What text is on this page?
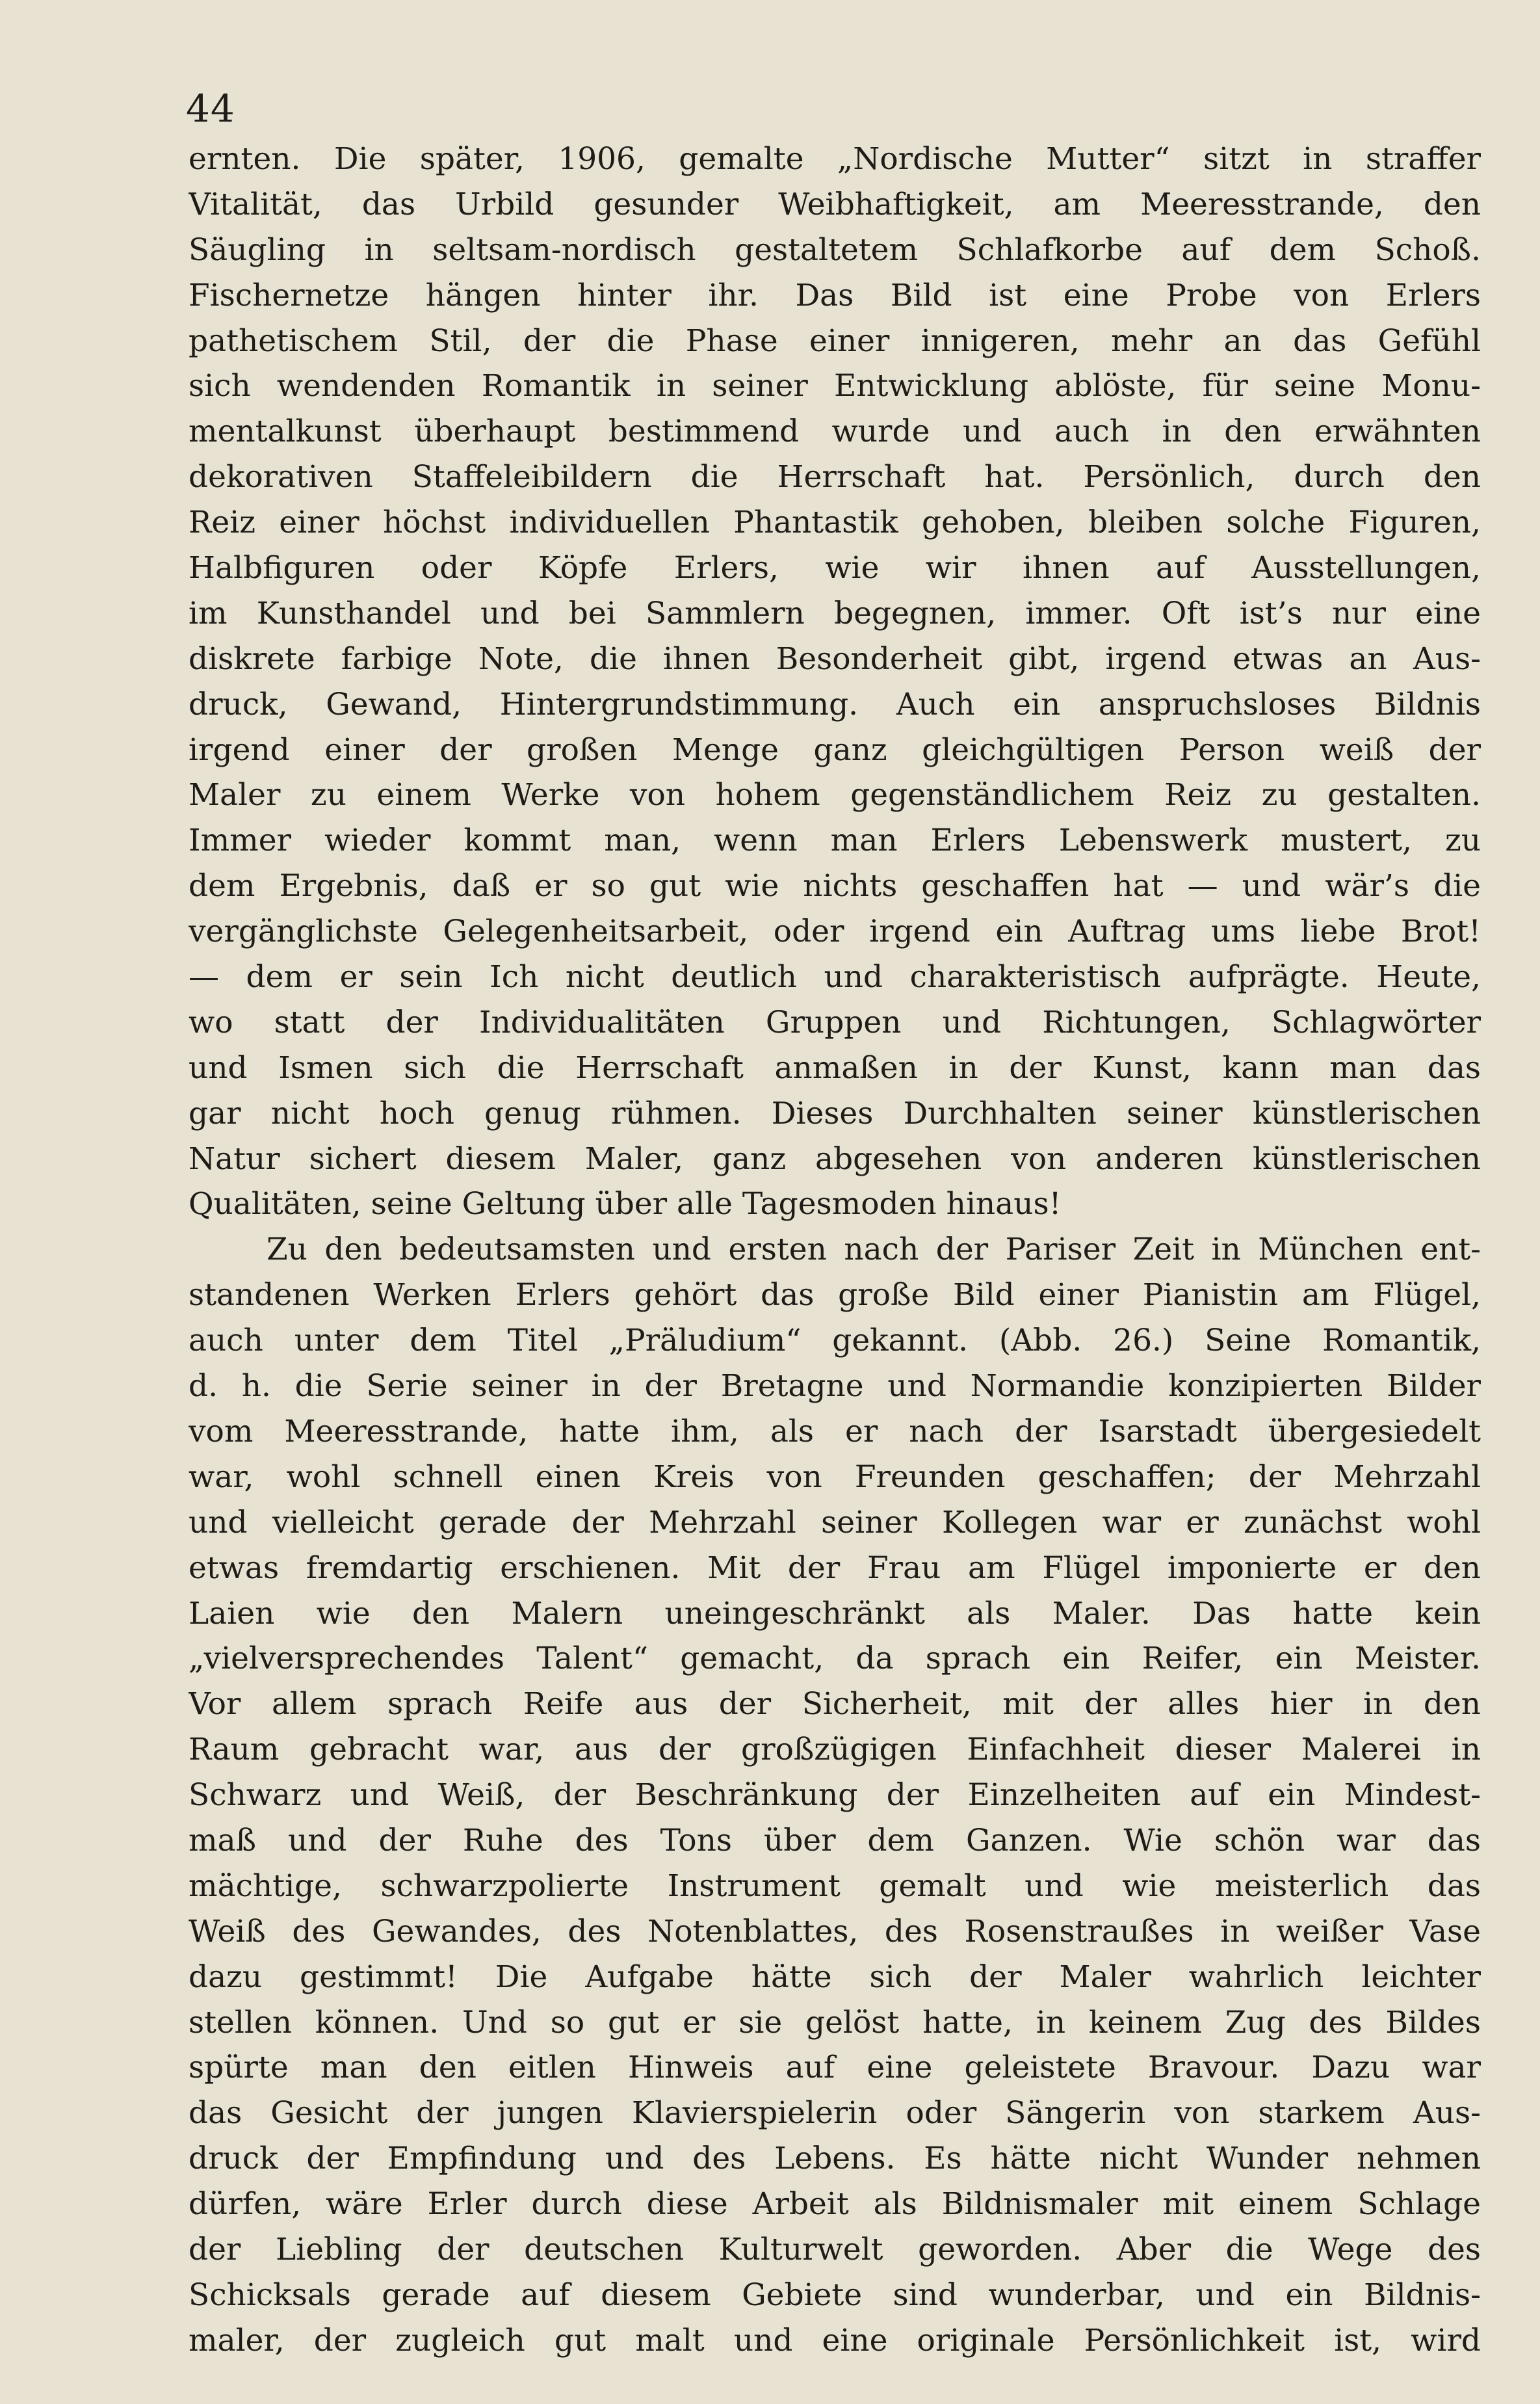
44
ernten. Die später, 1906, gemalte „Nordische Mutter“ sitzt in straffer
Vitalität, das Urbild gesunder Weibhaftigkeit, am Meeresstrande, den
Säugling in seltsam-nordisch gestaltetem Schlafkorbe auf dem Schoß.
Fischernetze hängen hinter ihr. Das Bild ist eine Probe von Erlers
pathetischem Stil, der die Phase einer innigeren, mehr an das Gefühl
sich wendenden Romantik in seiner Entwicklung ablöste, für seine Monu-
mentalkunst überhaupt bestimmend wurde und auch in den erwähnten
dekorativen Staffeleibildern die Herrschaft hat. Persönlich, durch den
Reiz einer höchst individuellen Phantastik gehoben, bleiben solche Figuren,
Halbfiguren oder Köpfe Erlers, wie wir ihnen auf Ausstellungen,
im Kunsthandel und bei Sammlern begegnen, immer. Oft ist’s nur eine
diskrete farbige Note, die ihnen Besonderheit gibt, irgend etwas an Aus-
druck, Gewand, Hintergrundstimmung. Auch ein anspruchsloses Bildnis
irgend einer der großen Menge ganz gleichgültigen Person weiß der
Maler zu einem Werke von hohem gegenständlichem Reiz zu gestalten.
Immer wieder kommt man, wenn man Erlers Lebenswerk mustert, zu
dem Ergebnis, daß er so gut wie nichts geschaffen hat — und wär’s die
vergänglichste Gelegenheitsarbeit, oder irgend ein Auftrag ums liebe Brot!
— dem er sein Ich nicht deutlich und charakteristisch aufprägte. Heute,
wo statt der Individualitäten Gruppen und Richtungen, Schlagwörter
und Ismen sich die Herrschaft anmaßen in der Kunst, kann man das
gar nicht hoch genug rühmen. Dieses Durchhalten seiner künstlerischen
Natur sichert diesem Maler, ganz abgesehen von anderen künstlerischen
Qualitäten, seine Geltung über alle Tagesmoden hinaus!
Zu den bedeutsamsten und ersten nach der Pariser Zeit in München ent-
standenen Werken Erlers gehört das große Bild einer Pianistin am Flügel,
auch unter dem Titel „Präludium“ gekannt. (Abb. 26.) Seine Romantik,
d. h. die Serie seiner in der Bretagne und Normandie konzipierten Bilder
vom Meeresstrande, hatte ihm, als er nach der Isarstadt übergesiedelt
war, wohl schnell einen Kreis von Freunden geschaffen; der Mehrzahl
und vielleicht gerade der Mehrzahl seiner Kollegen war er zunächst wohl
etwas fremdartig erschienen. Mit der Frau am Flügel imponierte er den
Laien wie den Malern uneingeschränkt als Maler. Das hatte kein
„vielversprechendes Talent“ gemacht, da sprach ein Reifer, ein Meister.
Vor allem sprach Reife aus der Sicherheit, mit der alles hier in den
Raum gebracht war, aus der großzügigen Einfachheit dieser Malerei in
Schwarz und Weiß, der Beschränkung der Einzelheiten auf ein Mindest-
maß und der Ruhe des Tons über dem Ganzen. Wie schön war das
mächtige, schwarzpolierte Instrument gemalt und wie meisterlich das
Weiß des Gewandes, des Notenblattes, des Rosenstraußes in weißer Vase
dazu gestimmt! Die Aufgabe hätte sich der Maler wahrlich leichter
stellen können. Und so gut er sie gelöst hatte, in keinem Zug des Bildes
spürte man den eitlen Hinweis auf eine geleistete Bravour. Dazu war
das Gesicht der jungen Klavierspielerin oder Sängerin von starkem Aus-
druck der Empfindung und des Lebens. Es hätte nicht Wunder nehmen
dürfen, wäre Erler durch diese Arbeit als Bildnismaler mit einem Schlage
der Liebling der deutschen Kulturwelt geworden. Aber die Wege des
Schicksals gerade auf diesem Gebiete sind wunderbar, und ein Bildnis-
maler, der zugleich gut malt und eine originale Persönlichkeit ist, wird
